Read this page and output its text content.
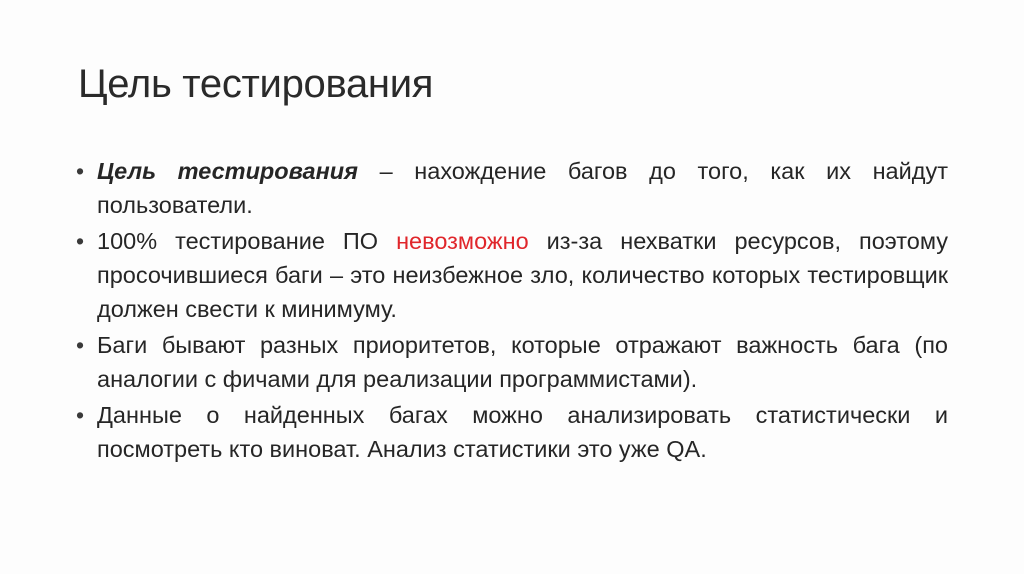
Цель тестирования
• Цель тестирования – нахождение багов до того, как их найдут пользователи.
• 100% тестирование ПО невозможно из-за нехватки ресурсов, поэтому просочившиеся баги – это неизбежное зло, количество которых тестировщик должен свести к минимуму.
• Баги бывают разных приоритетов, которые отражают важность бага (по аналогии с фичами для реализации программистами).
• Данные о найденных багах можно анализировать статистически и посмотреть кто виноват. Анализ статистики это уже QA.
